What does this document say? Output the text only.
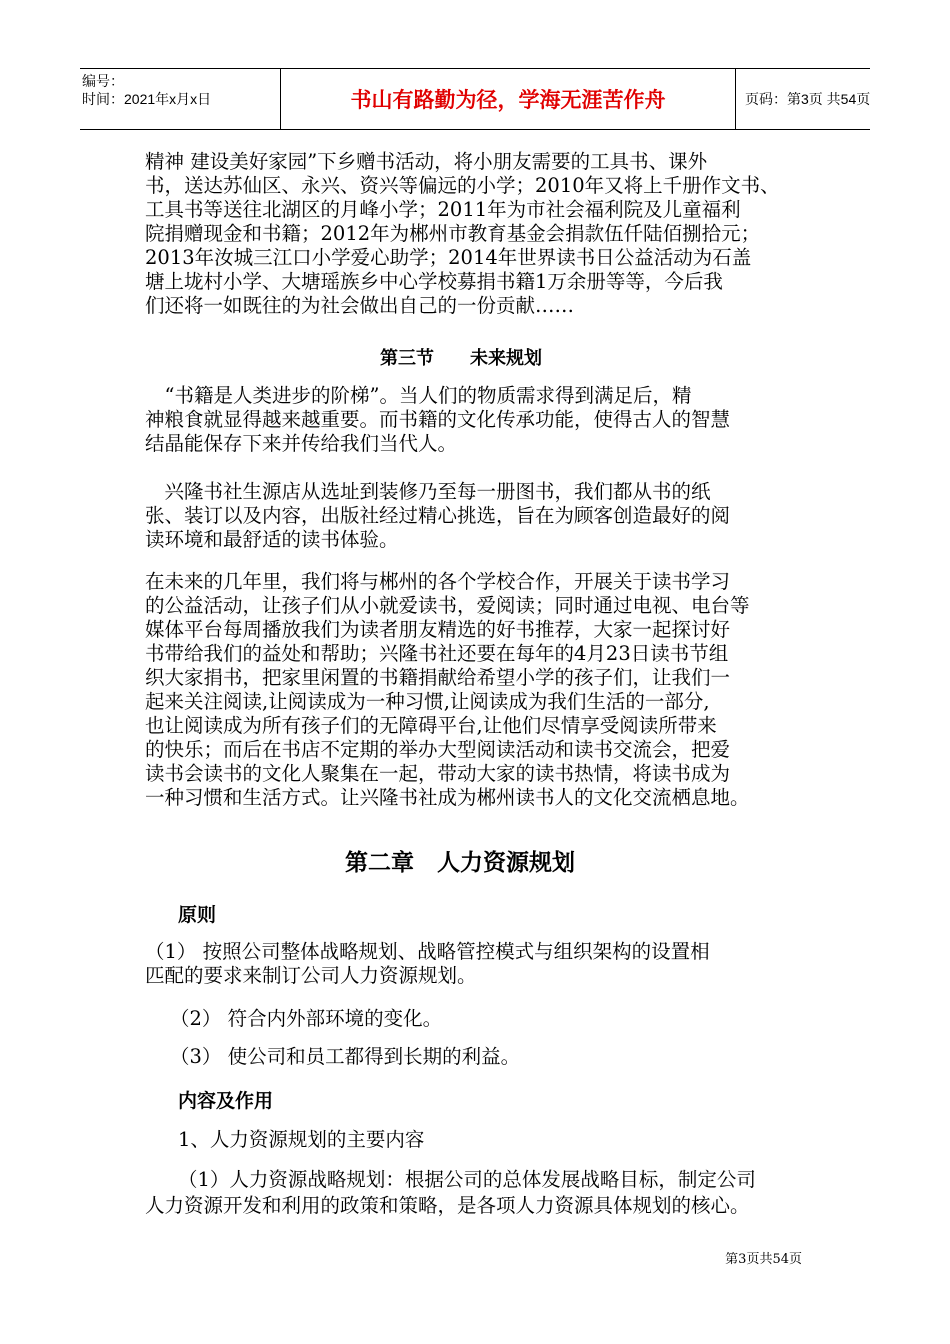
编号：
时间：2021年x月x日	书山有路勤为径，学海无涯苦作舟	页码：第3页 共54页
精神 建设美好家园”下乡赠书活动，将小朋友需要的工具书、课外
书，送达苏仙区、永兴、资兴等偏远的小学；2010年又将上千册作文书、
工具书等送往北湖区的月峰小学；2011年为市社会福利院及儿童福利
院捐赠现金和书籍；2012年为郴州市教育基金会捐款伍仟陆佰捌拾元；
2013年汝城三江口小学爱心助学；2014年世界读书日公益活动为石盖
塘上垅村小学、大塘瑶族乡中心学校募捐书籍1万余册等等，今后我
们还将一如既往的为社会做出自己的一份贡献……
第三节　　未来规划
　“书籍是人类进步的阶梯”。当人们的物质需求得到满足后，精
神粮食就显得越来越重要。而书籍的文化传承功能，使得古人的智慧
结晶能保存下来并传给我们当代人。
　兴隆书社生源店从选址到装修乃至每一册图书，我们都从书的纸
张、装订以及内容，出版社经过精心挑选，旨在为顾客创造最好的阅
读环境和最舒适的读书体验。
在未来的几年里，我们将与郴州的各个学校合作，开展关于读书学习
的公益活动，让孩子们从小就爱读书，爱阅读；同时通过电视、电台等
媒体平台每周播放我们为读者朋友精选的好书推荐，大家一起探讨好
书带给我们的益处和帮助；兴隆书社还要在每年的4月23日读书节组
织大家捐书，把家里闲置的书籍捐献给希望小学的孩子们，让我们一
起来关注阅读,让阅读成为一种习惯,让阅读成为我们生活的一部分,
也让阅读成为所有孩子们的无障碍平台,让他们尽情享受阅读所带来
的快乐；而后在书店不定期的举办大型阅读活动和读书交流会，把爱
读书会读书的文化人聚集在一起，带动大家的读书热情，将读书成为
一种习惯和生活方式。让兴隆书社成为郴州读书人的文化交流栖息地。
第二章　人力资源规划
原则
（1） 按照公司整体战略规划、战略管控模式与组织架构的设置相
匹配的要求来制订公司人力资源规划。
（2） 符合内外部环境的变化。
（3） 使公司和员工都得到长期的利益。
内容及作用
1、人力资源规划的主要内容
（1）人力资源战略规划：根据公司的总体发展战略目标，制定公司
人力资源开发和利用的政策和策略，是各项人力资源具体规划的核心。
第3页共54页
